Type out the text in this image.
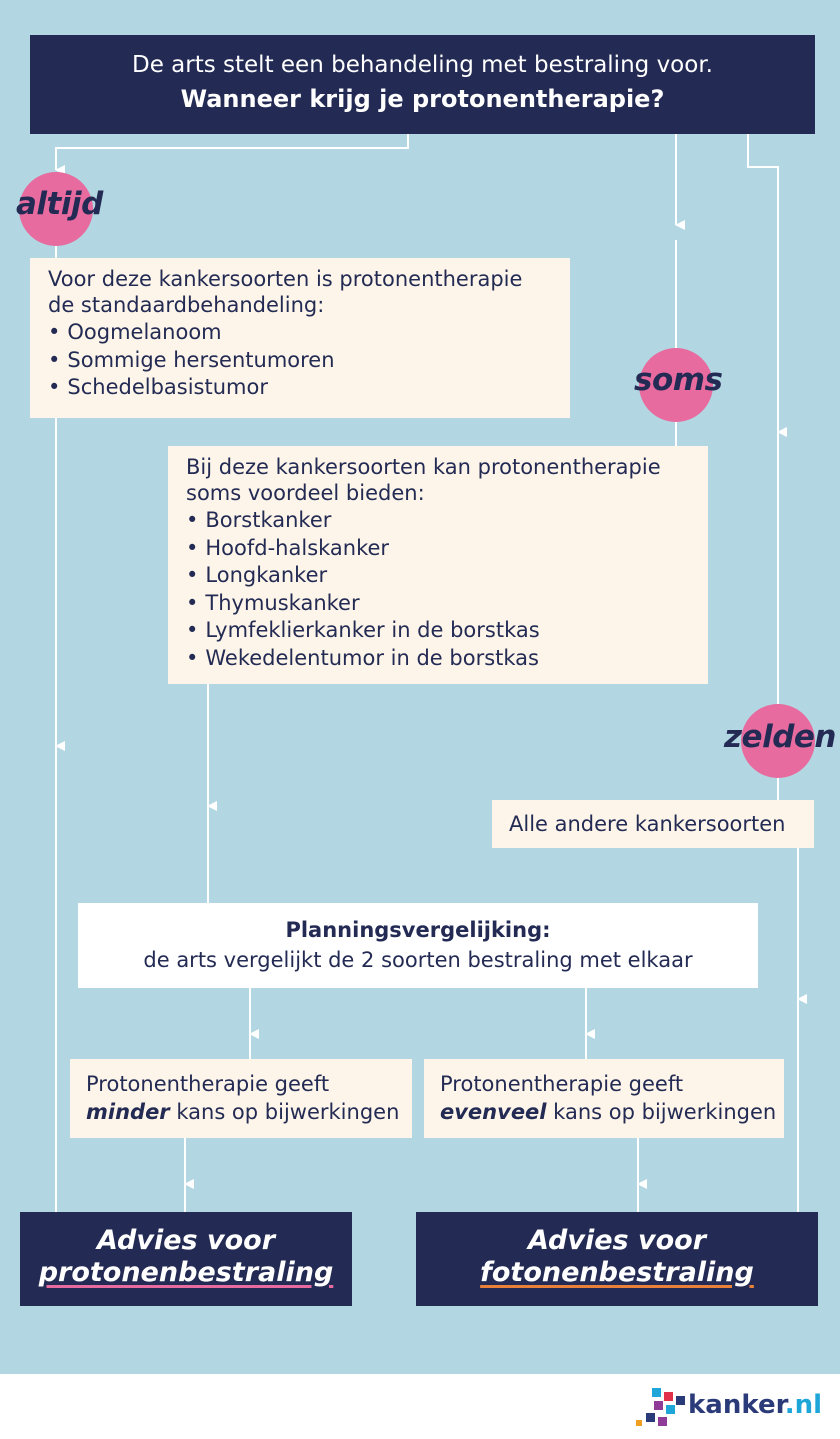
De arts stelt een behandeling met bestraling voor.
Wanneer krijg je protonentherapie?
altijd
Voor deze kankersoorten is protonentherapie de standaardbehandeling:
• Oogmelanoom
• Sommige hersentumoren
• Schedelbasistumor	soms
Bij deze kankersoorten kan protonentherapie soms voordeel bieden:
• Borstkanker
• Hoofd-halskanker
• Longkanker
• Thymuskanker
• Lymfeklierkanker in de borstkas
• Wekedelentumor in de borstkas
zelden
Alle andere kankersoorten
Planningsvergelijking:
de arts vergelijkt de 2 soorten bestraling met elkaar
Protonentherapie geeft
minder kans op bijwerkingen
Protonentherapie geeft
evenveel kans op bijwerkingen
Advies voor
protonenbestraling
Advies voor
fotonenbestraling
kanker.nl
